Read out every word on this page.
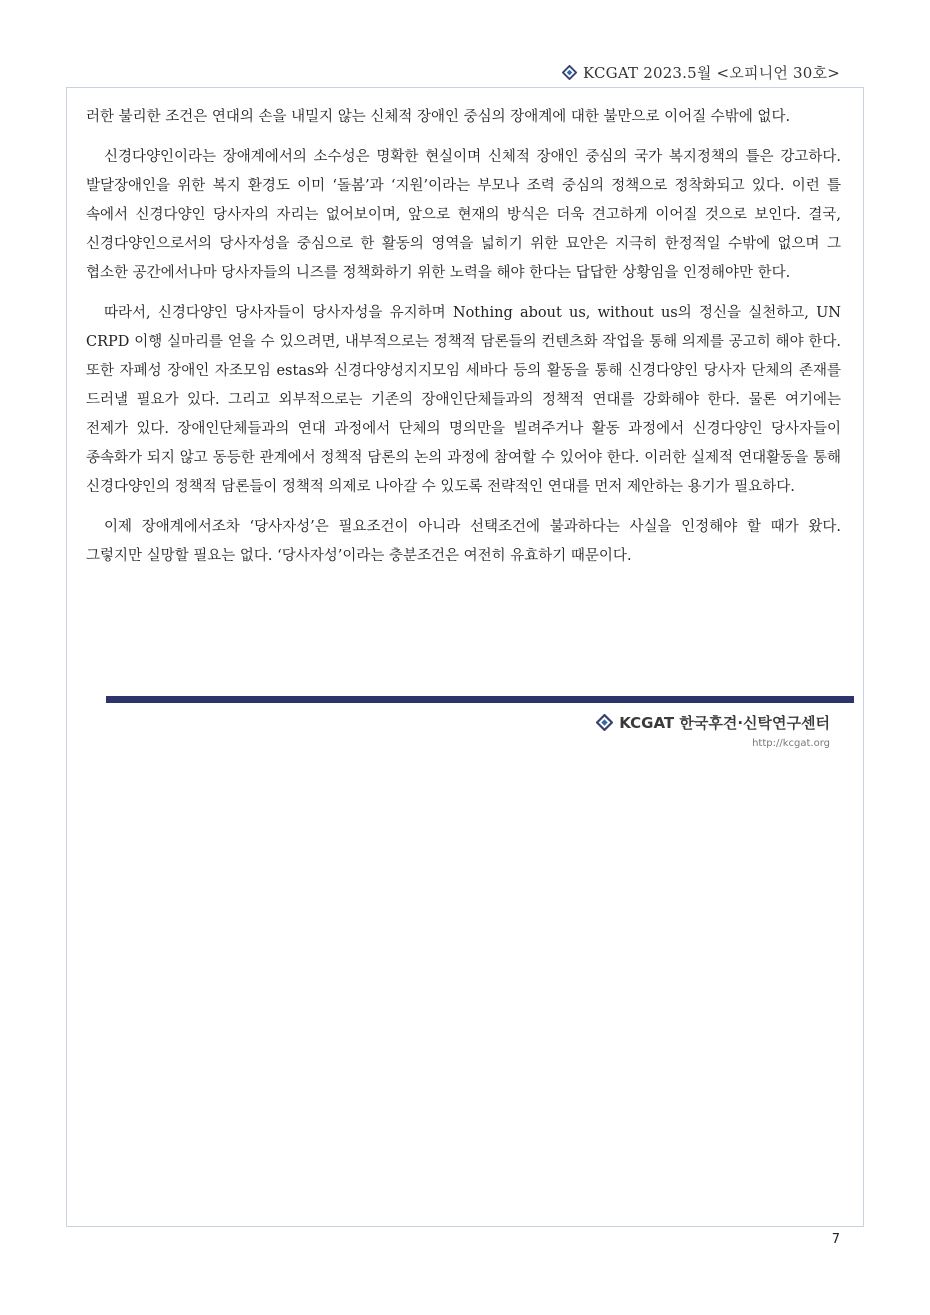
KCGAT 2023.5월 <오피니언 30호>

러한 불리한 조건은 연대의 손을 내밀지 않는 신체적 장애인 중심의 장애계에 대한 불만으로 이어질 수밖에 없다.

신경다양인이라는 장애계에서의 소수성은 명확한 현실이며 신체적 장애인 중심의 국가 복지정책의 틀은 강고하다. 발달장애인을 위한 복지 환경도 이미 ‘돌봄’과 ‘지원’이라는 부모나 조력 중심의 정책으로 정착화되고 있다. 이런 틀 속에서 신경다양인 당사자의 자리는 없어보이며, 앞으로 현재의 방식은 더욱 견고하게 이어질 것으로 보인다. 결국, 신경다양인으로서의 당사자성을 중심으로 한 활동의 영역을 넓히기 위한 묘안은 지극히 한정적일 수밖에 없으며 그 협소한 공간에서나마 당사자들의 니즈를 정책화하기 위한 노력을 해야 한다는 답답한 상황임을 인정해야만 한다.

따라서, 신경다양인 당사자들이 당사자성을 유지하며 Nothing about us, without us의 정신을 실천하고, UN CRPD 이행 실마리를 얻을 수 있으려면, 내부적으로는 정책적 담론들의 컨텐츠화 작업을 통해 의제를 공고히 해야 한다. 또한 자폐성 장애인 자조모임 estas와 신경다양성지지모임 세바다 등의 활동을 통해 신경다양인 당사자 단체의 존재를 드러낼 필요가 있다. 그리고 외부적으로는 기존의 장애인단체들과의 정책적 연대를 강화해야 한다. 물론 여기에는 전제가 있다. 장애인단체들과의 연대 과정에서 단체의 명의만을 빌려주거나 활동 과정에서 신경다양인 당사자들이 종속화가 되지 않고 동등한 관계에서 정책적 담론의 논의 과정에 참여할 수 있어야 한다. 이러한 실제적 연대활동을 통해 신경다양인의 정책적 담론들이 정책적 의제로 나아갈 수 있도록 전략적인 연대를 먼저 제안하는 용기가 필요하다.

이제 장애계에서조차 ‘당사자성’은 필요조건이 아니라 선택조건에 불과하다는 사실을 인정해야 할 때가 왔다. 그렇지만 실망할 필요는 없다. ‘당사자성’이라는 충분조건은 여전히 유효하기 때문이다.

KCGAT 한국후견·신탁연구센터
http://kcgat.org
7
